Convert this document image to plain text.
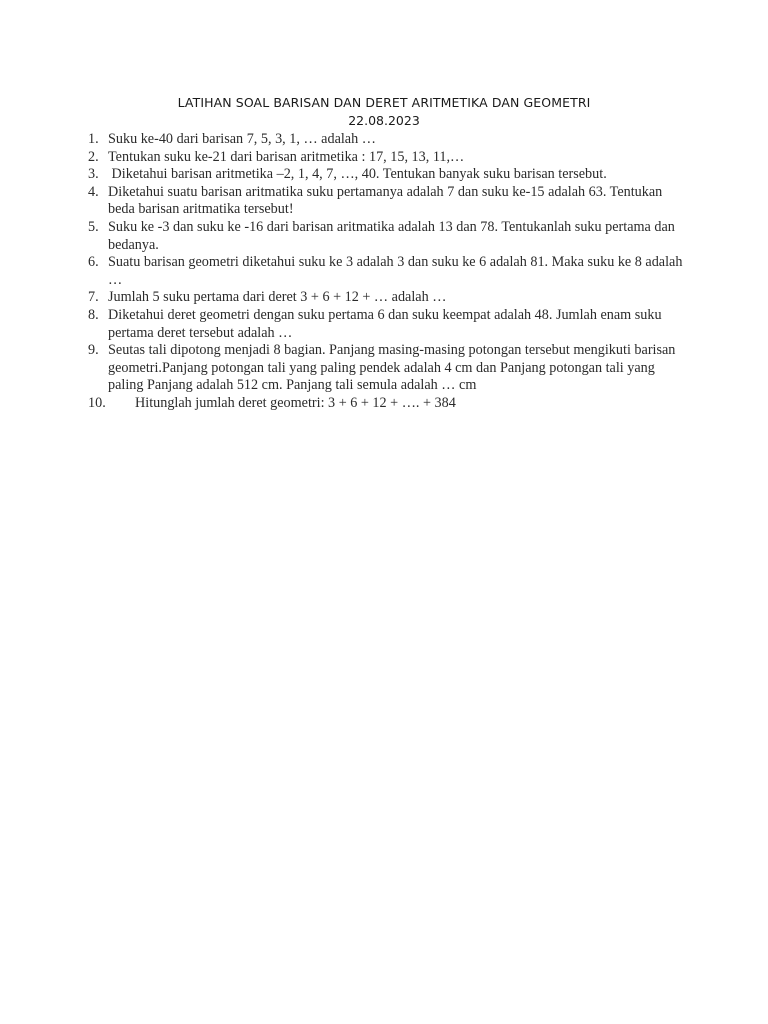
LATIHAN SOAL BARISAN DAN DERET ARITMETIKA DAN GEOMETRI
22.08.2023
1. Suku ke-40 dari barisan 7, 5, 3, 1, … adalah …
2. Tentukan suku ke-21 dari barisan aritmetika : 17, 15, 13, 11,…
3. Diketahui barisan aritmetika –2, 1, 4, 7, …, 40. Tentukan banyak suku barisan tersebut.
4. Diketahui suatu barisan aritmatika suku pertamanya adalah 7 dan suku ke-15 adalah 63. Tentukan beda barisan aritmatika tersebut!
5. Suku ke -3 dan suku ke -16 dari barisan aritmatika adalah 13 dan 78. Tentukanlah suku pertama dan bedanya.
6. Suatu barisan geometri diketahui suku ke 3 adalah 3 dan suku ke 6 adalah 81. Maka suku ke 8 adalah …
7. Jumlah 5 suku pertama dari deret 3 + 6 + 12 + … adalah …
8. Diketahui deret geometri dengan suku pertama 6 dan suku keempat adalah 48. Jumlah enam suku pertama deret tersebut adalah …
9. Seutas tali dipotong menjadi 8 bagian. Panjang masing-masing potongan tersebut mengikuti barisan geometri.Panjang potongan tali yang paling pendek adalah 4 cm dan Panjang potongan tali yang paling Panjang adalah 512 cm. Panjang tali semula adalah … cm
10. Hitunglah jumlah deret geometri: 3 + 6 + 12 + …. + 384
